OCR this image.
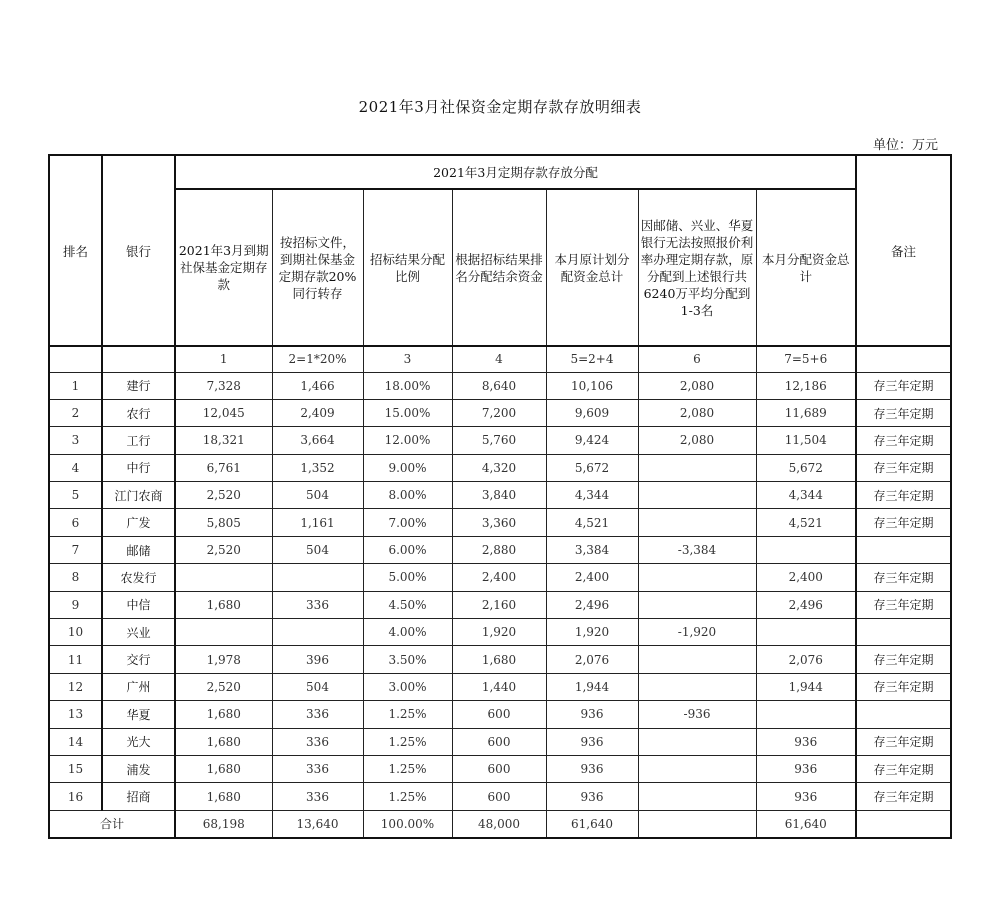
2021年3月社保资金定期存款存放明细表
单位：万元
排名	银行	2021年3月定期存款存放分配							备注
		2021年3月到期社保基金定期存款	按招标文件，到期社保基金定期存款20%同行转存	招标结果分配比例	根据招标结果排名分配结余资金	本月原计划分配资金总计	因邮储、兴业、华夏银行无法按照报价利率办理定期存款，原分配到上述银行共6240万平均分配到1-3名	本月分配资金总计	
		1	2=1*20%	3	4	5=2+4	6	7=5+6	
1	建行	7,328	1,466	18.00%	8,640	10,106	2,080	12,186	存三年定期
2	农行	12,045	2,409	15.00%	7,200	9,609	2,080	11,689	存三年定期
3	工行	18,321	3,664	12.00%	5,760	9,424	2,080	11,504	存三年定期
4	中行	6,761	1,352	9.00%	4,320	5,672		5,672	存三年定期
5	江门农商	2,520	504	8.00%	3,840	4,344		4,344	存三年定期
6	广发	5,805	1,161	7.00%	3,360	4,521		4,521	存三年定期
7	邮储	2,520	504	6.00%	2,880	3,384	-3,384		
8	农发行			5.00%	2,400	2,400		2,400	存三年定期
9	中信	1,680	336	4.50%	2,160	2,496		2,496	存三年定期
10	兴业			4.00%	1,920	1,920	-1,920		
11	交行	1,978	396	3.50%	1,680	2,076		2,076	存三年定期
12	广州	2,520	504	3.00%	1,440	1,944		1,944	存三年定期
13	华夏	1,680	336	1.25%	600	936	-936		
14	光大	1,680	336	1.25%	600	936		936	存三年定期
15	浦发	1,680	336	1.25%	600	936		936	存三年定期
16	招商	1,680	336	1.25%	600	936		936	存三年定期
合计		68,198	13,640	100.00%	48,000	61,640		61,640	
